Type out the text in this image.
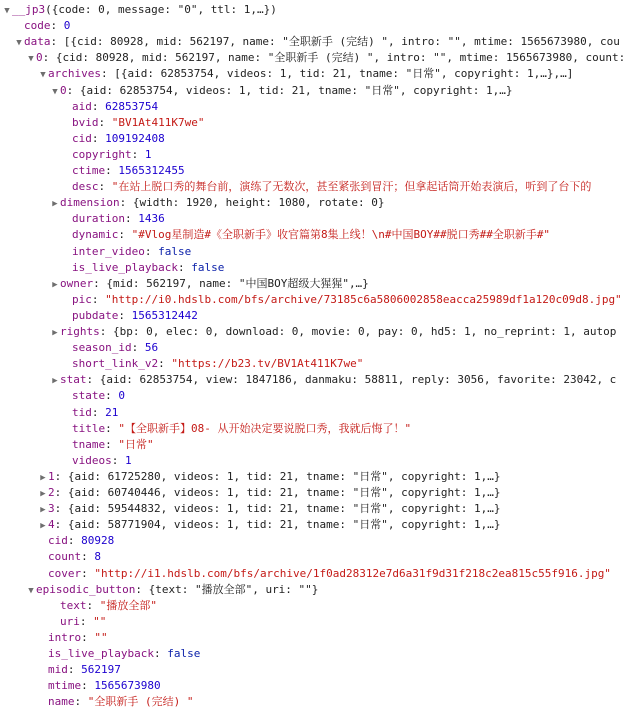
▼ __jp3({code: 0, message: "0", ttl: 1,…})
code: 0
▼ data: [{cid: 80928, mid: 562197, name: "全职新手 (完结) ", intro: "", mtime: 1565673980, cou
▼ 0: {cid: 80928, mid: 562197, name: "全职新手 (完结) ", intro: "", mtime: 1565673980, count:
▼ archives: [{aid: 62853754, videos: 1, tid: 21, tname: "日常", copyright: 1,…},…]
▼ 0: {aid: 62853754, videos: 1, tid: 21, tname: "日常", copyright: 1,…}
aid: 62853754
bvid: "BV1At411K7we"
cid: 109192408
copyright: 1
ctime: 1565312455
desc: "在站上脱口秀的舞台前，演练了无数次，甚至紧张到冒汗；但拿起话筒开始表演后，听到了台下的
▶ dimension: {width: 1920, height: 1080, rotate: 0}
duration: 1436
dynamic: "#Vlog星制造#《全职新手》收官篇第8集上线！\n#中国BOY##脱口秀##全职新手#"
inter_video: false
is_live_playback: false
▶ owner: {mid: 562197, name: "中国BOY超级大猩猩",…}
pic: "http://i0.hdslb.com/bfs/archive/73185c6a5806002858eacca25989df1a120c09d8.jpg"
pubdate: 1565312442
▶ rights: {bp: 0, elec: 0, download: 0, movie: 0, pay: 0, hd5: 1, no_reprint: 1, autop
season_id: 56
short_link_v2: "https://b23.tv/BV1At411K7we"
▶ stat: {aid: 62853754, view: 1847186, danmaku: 58811, reply: 3056, favorite: 23042, c
state: 0
tid: 21
title: "【全职新手】08- 从开始决定要说脱口秀，我就后悔了！"
tname: "日常"
videos: 1
▶ 1: {aid: 61725280, videos: 1, tid: 21, tname: "日常", copyright: 1,…}
▶ 2: {aid: 60740446, videos: 1, tid: 21, tname: "日常", copyright: 1,…}
▶ 3: {aid: 59544832, videos: 1, tid: 21, tname: "日常", copyright: 1,…}
▶ 4: {aid: 58771904, videos: 1, tid: 21, tname: "日常", copyright: 1,…}
cid: 80928
count: 8
cover: "http://i1.hdslb.com/bfs/archive/1f0ad28312e7d6a31f9d31f218c2ea815c55f916.jpg"
▼ episodic_button: {text: "播放全部", uri: ""}
text: "播放全部"
uri: ""
intro: ""
is_live_playback: false
mid: 562197
mtime: 1565673980
name: "全职新手 (完结) "
